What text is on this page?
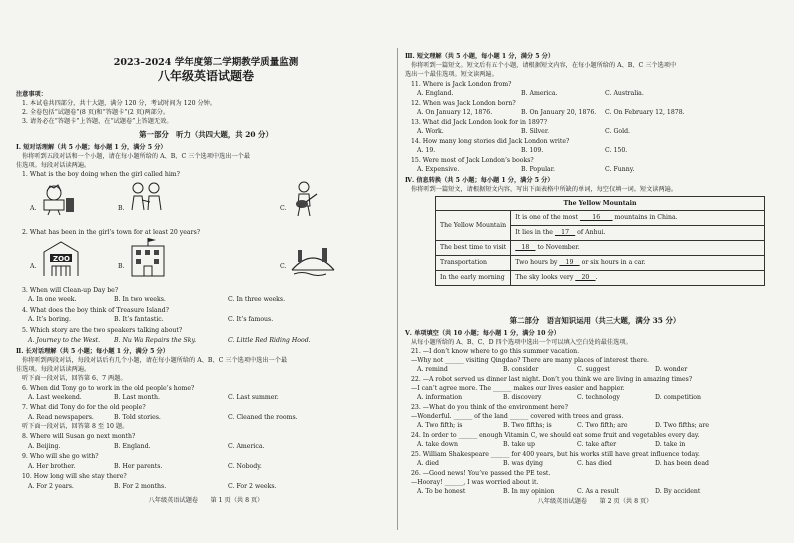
2023–2024 学年度第二学期教学质量监测
八年级英语试题卷
注意事项：
1. 本试卷共四部分，共十大题，满分 120 分，考试时间为 120 分钟。
2. 全卷包括“试题卷”(8 页)和“答题卡”(2 页)两部分。
3. 请务必在“答题卡”上答题，在“试题卷”上答题无效。
第一部分　听力（共四大题，共 20 分）
Ⅰ. 短对话理解（共 5 小题；每小题 1 分，满分 5 分）
你将听到五段对话和一个小题，请在每小题所给的 A、B、C 三个选项中选出一个最
佳选项。每段对话读两遍。
1. What is the boy doing when the girl called him?
A.	B.	C.
2. What has been in the girl’s town for at least 20 years?
A.
ZOO
B.	C.
3. When will Clean-up Day be?
A. In one week.	B. In two weeks.	C. In three weeks.
4. What does the boy think of Treasure Island?
A. It’s boring.	B. It’s fantastic.	C. It’s famous.
5. Which story are the two speakers talking about?
A. Journey to the West. B. Nu Wa Repairs the Sky.	C. Little Red Riding Hood.
Ⅱ. 长对话理解（共 5 小题；每小题 1 分，满分 5 分）
你将听到两段对话，每段对话后有几个小题，请在每小题所给的 A、B、C 三个选项中选出一个最
佳选项。每段对话读两遍。
听下面一段对话，回答第 6、7 两题。
6. When did Tony go to work in the old people’s home?
A. Last weekend.	B. Last month.	C. Last summer.
7. What did Tony do for the old people?
A. Read newspapers.	B. Told stories.	C. Cleaned the rooms.
听下面一段对话，回答第 8 至 10 题。
8. Where will Susan go next month?
A. Beijing.	B. England.	C. America.
9. Who will she go with?
A. Her brother.	B. Her parents.	C. Nobody.
10. How long will she stay there?
A. For 2 years.	B. For 2 months.	C. For 2 weeks.
八年级英语试题卷　　第 1 页（共 8 页）
Ⅲ. 短文理解（共 5 小题，每小题 1 分，满分 5 分）
你将听到一篇短文。短文后有五个小题，请根据短文内容，在每小题所给的 A、B、C 三个选项中
选出一个最佳选项。短文读两遍。
11. Where is Jack London from?
A. England.	B. America.	C. Australia.
12. When was Jack London born?
A. On January 12, 1876.	B. On January 20, 1876. C. On February 12, 1878.
13. What did Jack London look for in 1897?
A. Work.	B. Silver.	C. Gold.
14. How many long stories did Jack London write?
A. 19.	B. 109.	C. 150.
15. Were most of Jack London’s books?
A. Expensive.	B. Popular.	C. Funny.
Ⅳ. 信息转换（共 5 小题；每小题 1 分，满分 5 分）
你将听到一篇短文，请根据短文内容，写出下面表格中所缺的单词，每空仅填一词。短文读两遍。
The Yellow Mountain	
The Yellow Mountain	It is one of the most 　　16　　 mountains in China.
	It lies in the 　17　 of Anhui.
The best time to visit	　18　 to November.
Transportation	Two hours by 　19　 or six hours in a car.
In the early morning	The sky looks very 　20　.
第二部分　语言知识运用（共三大题，满分 35 分）
Ⅴ. 单项填空（共 10 小题；每小题 1 分，满分 10 分）
从每小题所给的 A、B、C、D 四个选项中选出一个可以填入空白处的最佳选项。
21. —I don’t know where to go this summer vacation.
—Why not ______ visiting Qingdao? There are many places of interest there.
A. remind	B. consider	C. suggest	D. wonder
22. —A robot served us dinner last night. Don’t you think we are living in amazing times?
—I can’t agree more. The ______ makes our lives easier and happier.
A. information	B. discovery	C. technology	D. competition
23. —What do you think of the environment here?
—Wonderful. ______ of the land ______ covered with trees and grass.
A. Two fifth; is	B. Two fifths; is	C. Two fifth; are	D. Two fifths; are
24. In order to ______ enough Vitamin C, we should eat some fruit and vegetables every day.
A. take down	B. take up	C. take after	D. take in
25. William Shakespeare ______ for 400 years, but his works still have great influence today.
A. died	B. was dying	C. has died	D. has been dead
26. —Good news! You’ve passed the PE test.
—Hooray! ______, I was worried about it.
A. To be honest	B. In my opinion	C. As a result	D. By accident
八年级英语试题卷　　第 2 页（共 8 页）
